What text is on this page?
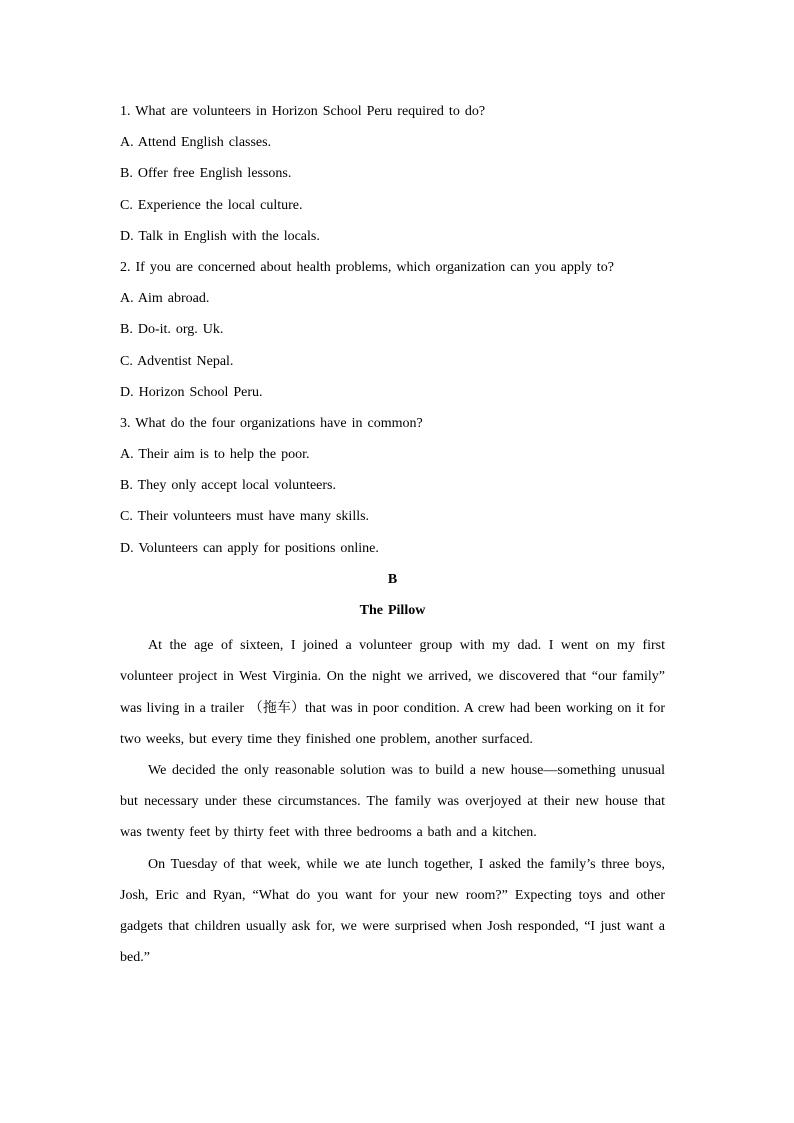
1. What are volunteers in Horizon School Peru required to do?
A. Attend English classes.
B. Offer free English lessons.
C. Experience the local culture.
D. Talk in English with the locals.
2. If you are concerned about health problems, which organization can you apply to?
A. Aim abroad.
B. Do-it. org. Uk.
C. Adventist Nepal.
D. Horizon School Peru.
3. What do the four organizations have in common?
A. Their aim is to help the poor.
B. They only accept local volunteers.
C. Their volunteers must have many skills.
D. Volunteers can apply for positions online.
B
The Pillow

At the age of sixteen, I joined a volunteer group with my dad. I went on my first volunteer project in West Virginia. On the night we arrived, we discovered that “our family” was living in a trailer （拖车）that was in poor condition. A crew had been working on it for two weeks, but every time they finished one problem, another surfaced.

We decided the only reasonable solution was to build a new house—something unusual but necessary under these circumstances. The family was overjoyed at their new house that was twenty feet by thirty feet with three bedrooms a bath and a kitchen.

On Tuesday of that week, while we ate lunch together, I asked the family’s three boys, Josh, Eric and Ryan, “What do you want for your new room?” Expecting toys and other gadgets that children usually ask for, we were surprised when Josh responded, “I just want a bed.”
